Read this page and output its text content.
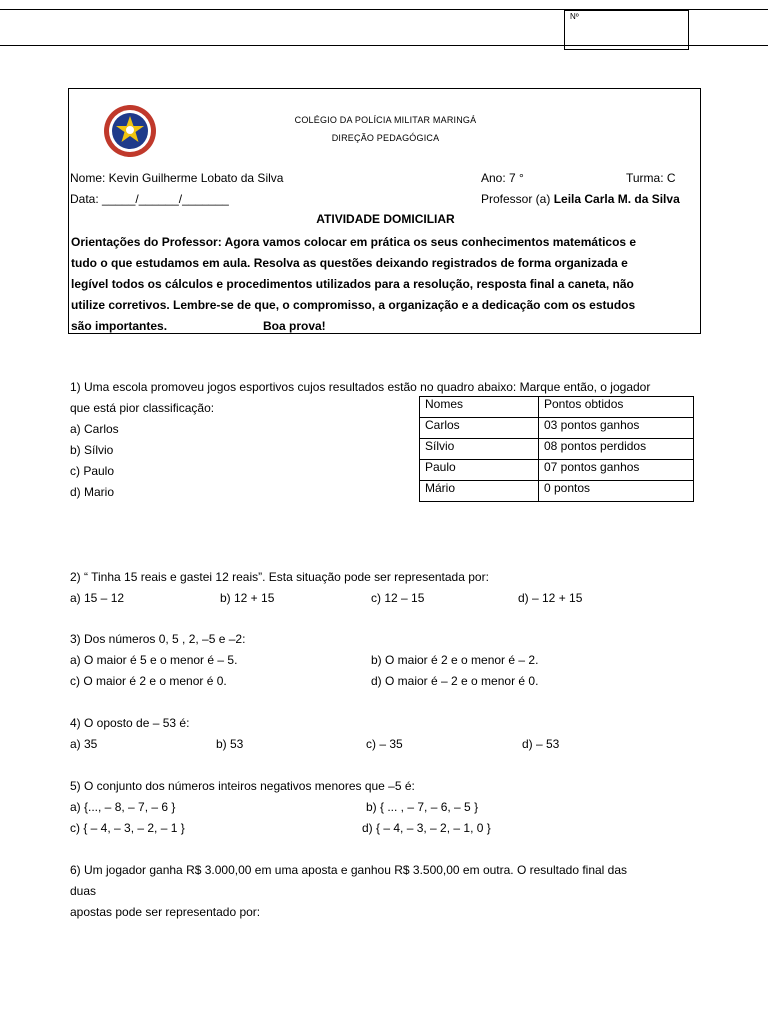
Nº
COLÉGIO DA POLÍCIA MILITAR MARINGÁ
DIREÇÃO PEDAGÓGICA
Nome: Kevin Guilherme Lobato da Silva	Ano: 7 °	Turma: C
Data: _____/______/_______	Professor (a) Leila Carla M. da Silva
ATIVIDADE DOMICILIAR
Orientações do Professor: Agora vamos colocar em prática os seus conhecimentos matemáticos e
tudo o que estudamos em aula. Resolva as questões deixando registrados de forma organizada e
legível todos os cálculos e procedimentos utilizados para a resolução, resposta final a caneta, não
utilize corretivos. Lembre-se de que, o compromisso, a organização e a dedicação com os estudos
são importantes.	Boa prova!
1) Uma escola promoveu jogos esportivos cujos resultados estão no quadro abaixo: Marque então, o jogador
que está pior classificação:
a) Carlos
b) Sílvio
c) Paulo
d) Mario
Nomes	Pontos obtidos
Carlos	03 pontos ganhos
Sílvio	08 pontos perdidos
Paulo	07 pontos ganhos
Mário	0 pontos
2) “ Tinha 15 reais e gastei 12 reais”. Esta situação pode ser representada por:
a) 15 – 12	b) 12 + 15	c) 12 – 15	d) – 12 + 15
3) Dos números 0, 5 , 2, –5 e –2:
a) O maior é 5 e o menor é – 5.	b) O maior é 2 e o menor é – 2.
c) O maior é 2 e o menor é 0.	d) O maior é – 2 e o menor é 0.
4) O oposto de – 53 é:
a) 35	b) 53	c) – 35	d) – 53
5) O conjunto dos números inteiros negativos menores que –5 é:
a) {..., – 8, – 7, – 6 }	b) { ... , – 7, – 6, – 5 }
c) { – 4, – 3, – 2, – 1 }	d) { – 4, – 3, – 2, – 1, 0 }
6) Um jogador ganha R$ 3.000,00 em uma aposta e ganhou R$ 3.500,00 em outra. O resultado final das
duas
apostas pode ser representado por:
